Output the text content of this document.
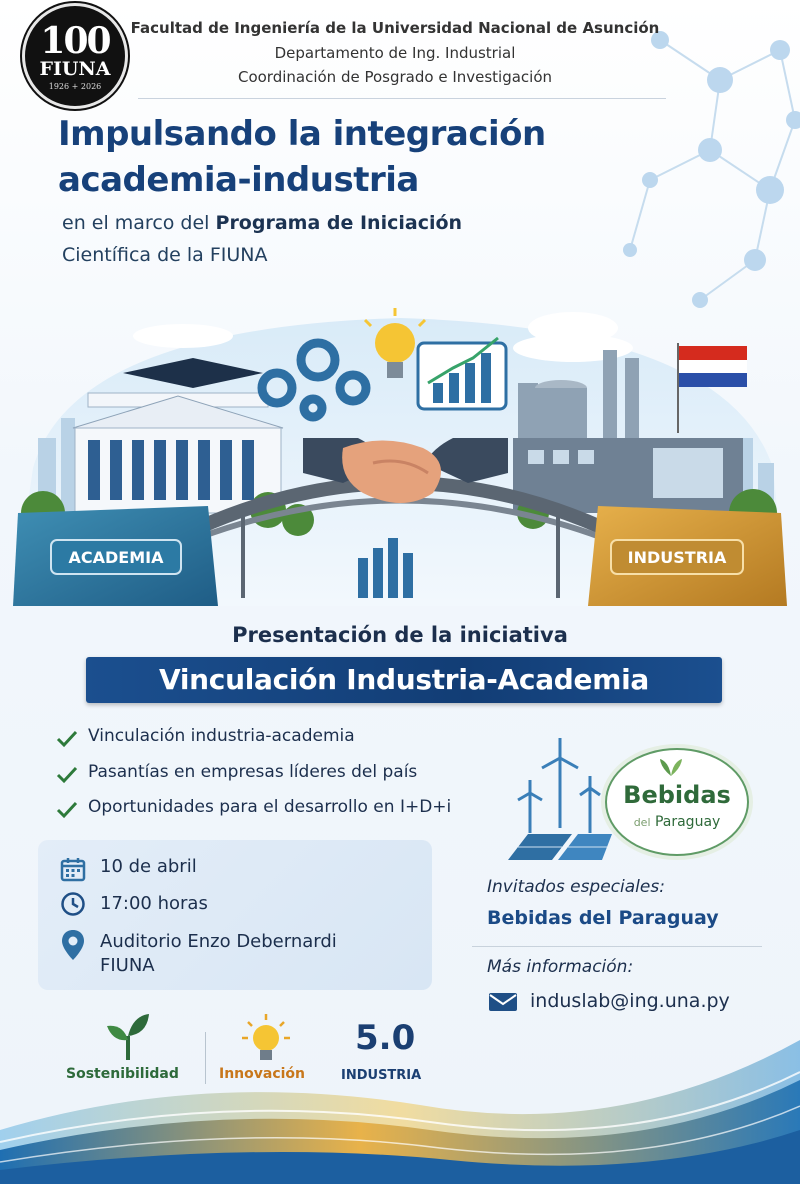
100
FIUNA
1926 + 2026
Facultad de Ingeniería de la Universidad Nacional de Asunción
Departamento de Ing. Industrial
Coordinación de Posgrado e Investigación
Impulsando la integración
academia-industria
en el marco del Programa de Iniciación
Científica de la FIUNA
ACADEMIA	INDUSTRIA
Presentación de la iniciativa
Vinculación Industria-Academia
Vinculación industria-academia
Pasantías en empresas líderes del país
Oportunidades para el desarrollo en I+D+i
10 de abril
17:00 horas
Auditorio Enzo Debernardi
FIUNA
Bebidas
del Paraguay
Invitados especiales:
Bebidas del Paraguay
Más información:
induslab@ing.una.py
Sostenibilidad	Innovación
5.0
INDUSTRIA
